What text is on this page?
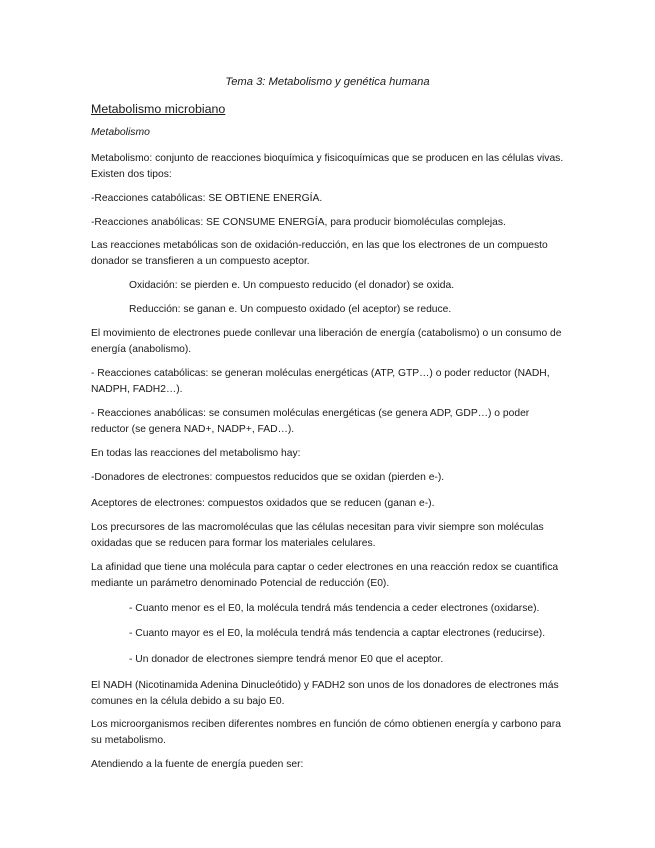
Tema 3: Metabolismo y genética humana
Metabolismo microbiano
Metabolismo
Metabolismo: conjunto de reacciones bioquímica y fisicoquímicas que se producen en las células vivas. Existen dos tipos:
-Reacciones catabólicas: SE OBTIENE ENERGÍA.
-Reacciones anabólicas: SE CONSUME ENERGÍA, para producir biomoléculas complejas.
Las reacciones metabólicas son de oxidación-reducción, en las que los electrones de un compuesto donador se transfieren a un compuesto aceptor.
Oxidación: se pierden e. Un compuesto reducido (el donador) se oxida.
Reducción: se ganan e. Un compuesto oxidado (el aceptor) se reduce.
El movimiento de electrones puede conllevar una liberación de energía (catabolismo) o un consumo de energía (anabolismo).
- Reacciones catabólicas: se generan moléculas energéticas (ATP, GTP…) o poder reductor (NADH, NADPH, FADH2…).
- Reacciones anabólicas: se consumen moléculas energéticas (se genera ADP, GDP…) o poder reductor (se genera NAD+, NADP+, FAD…).
En todas las reacciones del metabolismo hay:
-Donadores de electrones: compuestos reducidos que se oxidan (pierden e-).
Aceptores de electrones: compuestos oxidados que se reducen (ganan e-).
Los precursores de las macromoléculas que las células necesitan para vivir siempre son moléculas oxidadas que se reducen para formar los materiales celulares.
La afinidad que tiene una molécula para captar o ceder electrones en una reacción redox se cuantifica mediante un parámetro denominado Potencial de reducción (E0).
- Cuanto menor es el E0, la molécula tendrá más tendencia a ceder electrones (oxidarse).
- Cuanto mayor es el E0, la molécula tendrá más tendencia a captar electrones (reducirse).
- Un donador de electrones siempre tendrá menor E0 que el aceptor.
El NADH (Nicotinamida Adenina Dinucleótido) y FADH2 son unos de los donadores de electrones más comunes en la célula debido a su bajo E0.
Los microorganismos reciben diferentes nombres en función de cómo obtienen energía y carbono para su metabolismo.
Atendiendo a la fuente de energía pueden ser:
